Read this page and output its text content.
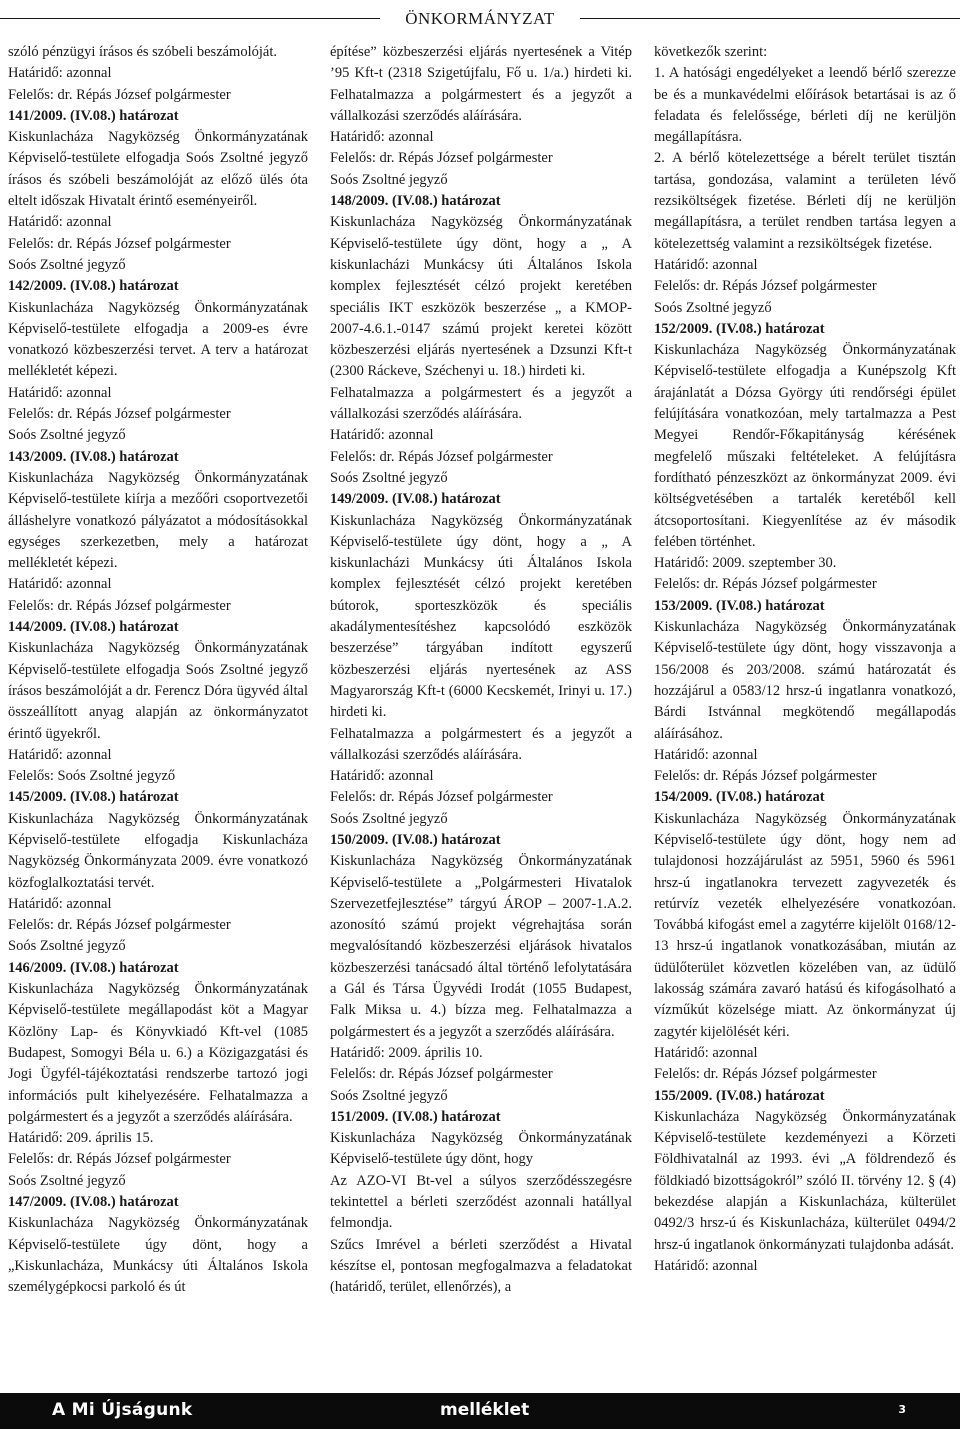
ÖNKORMÁNYZAT

szóló pénzügyi írásos és szóbeli beszámolóját.

Határidő: azonnal

Felelős: dr. Répás József polgármester

141/2009. (IV.08.) határozat

Kiskunlacháza Nagyközség Önkormányzatának Képviselő-testülete elfogadja Soós Zsoltné jegyző írásos és szóbeli beszámolóját az előző ülés óta eltelt időszak Hivatalt érintő eseményeiről.

Határidő: azonnal

Felelős: dr. Répás József polgármester

Soós Zsoltné jegyző

142/2009. (IV.08.) határozat

Kiskunlacháza Nagyközség Önkormányzatának Képviselő-testülete elfogadja a 2009-es évre vonatkozó közbeszerzési tervet. A terv a határozat mellékletét képezi.

Határidő: azonnal

Felelős: dr. Répás József polgármester

Soós Zsoltné jegyző

143/2009. (IV.08.) határozat

Kiskunlacháza Nagyközség Önkormányzatának Képviselő-testülete kiírja a mezőőri csoportvezetői álláshelyre vonatkozó pályázatot a módosításokkal egységes szerkezetben, mely a határozat mellékletét képezi.

Határidő: azonnal

Felelős: dr. Répás József polgármester

144/2009. (IV.08.) határozat

Kiskunlacháza Nagyközség Önkormányzatának Képviselő-testülete elfogadja Soós Zsoltné jegyző írásos beszámolóját a dr. Ferencz Dóra ügyvéd által összeállított anyag alapján az önkormányzatot érintő ügyekről.

Határidő: azonnal

Felelős: Soós Zsoltné jegyző

145/2009. (IV.08.) határozat

Kiskunlacháza Nagyközség Önkormányzatának Képviselő-testülete elfogadja Kiskunlacháza Nagyközség Önkormányzata 2009. évre vonatkozó közfoglalkoztatási tervét.

Határidő: azonnal

Felelős: dr. Répás József polgármester

Soós Zsoltné jegyző

146/2009. (IV.08.) határozat

Kiskunlacháza Nagyközség Önkormányzatának Képviselő-testülete megállapodást köt a Magyar Közlöny Lap- és Könyvkiadó Kft-vel (1085 Budapest, Somogyi Béla u. 6.) a Közigazgatási és Jogi Ügyfél-tájékoztatási rendszerbe tartozó jogi információs pult kihelyezésére. Felhatalmazza a polgármestert és a jegyzőt a szerződés aláírására.

Határidő: 209. április 15.

Felelős: dr. Répás József polgármester

Soós Zsoltné jegyző

147/2009. (IV.08.) határozat

Kiskunlacháza Nagyközség Önkormányzatának Képviselő-testülete úgy dönt, hogy a „Kiskunlacháza, Munkácsy úti Általános Iskola személygépkocsi parkoló és út

építése” közbeszerzési eljárás nyertesének a Vitép ’95 Kft-t (2318 Szigetújfalu, Fő u. 1/a.) hirdeti ki. Felhatalmazza a polgármestert és a jegyzőt a vállalkozási szerződés aláírására.

Határidő: azonnal

Felelős: dr. Répás József polgármester

Soós Zsoltné jegyző

148/2009. (IV.08.) határozat

Kiskunlacháza Nagyközség Önkormányzatának Képviselő-testülete úgy dönt, hogy a „ A kiskunlacházi Munkácsy úti Általános Iskola komplex fejlesztését célzó projekt keretében speciális IKT eszközök beszerzése „ a KMOP-2007-4.6.1.-0147 számú projekt keretei között közbeszerzési eljárás nyertesének a Dzsunzi Kft-t (2300 Ráckeve, Széchenyi u. 18.) hirdeti ki.

Felhatalmazza a polgármestert és a jegyzőt a vállalkozási szerződés aláírására.

Határidő: azonnal

Felelős: dr. Répás József polgármester

Soós Zsoltné jegyző

149/2009. (IV.08.) határozat

Kiskunlacháza Nagyközség Önkormányzatának Képviselő-testülete úgy dönt, hogy a „ A kiskunlacházi Munkácsy úti Általános Iskola komplex fejlesztését célzó projekt keretében bútorok, sporteszközök és speciális akadálymentesítéshez kapcsolódó eszközök beszerzése” tárgyában indított egyszerű közbeszerzési eljárás nyertesének az ASS Magyarország Kft-t (6000 Kecskemét, Irinyi u. 17.) hirdeti ki.

Felhatalmazza a polgármestert és a jegyzőt a vállalkozási szerződés aláírására.

Határidő: azonnal

Felelős: dr. Répás József polgármester

Soós Zsoltné jegyző

150/2009. (IV.08.) határozat

Kiskunlacháza Nagyközség Önkormányzatának Képviselő-testülete a „Polgármesteri Hivatalok Szervezetfejlesztése” tárgyú ÁROP – 2007-1.A.2. azonosító számú projekt végrehajtása során megvalósítandó közbeszerzési eljárások hivatalos közbeszerzési tanácsadó által történő lefolytatására a Gál és Társa Ügyvédi Irodát (1055 Budapest, Falk Miksa u. 4.) bízza meg. Felhatalmazza a polgármestert és a jegyzőt a szerződés aláírására.

Határidő: 2009. április 10.

Felelős: dr. Répás József polgármester

Soós Zsoltné jegyző

151/2009. (IV.08.) határozat

Kiskunlacháza Nagyközség Önkormányzatának Képviselő-testülete úgy dönt, hogy

Az AZO-VI Bt-vel a súlyos szerződésszegésre tekintettel a bérleti szerződést azonnali hatállyal felmondja.

Szűcs Imrével a bérleti szerződést a Hivatal készítse el, pontosan megfogalmazva a feladatokat (határidő, terület, ellenőrzés), a

következők szerint:

1. A hatósági engedélyeket a leendő bérlő szerezze be és a munkavédelmi előírások betartásai is az ő feladata és felelőssége, bérleti díj ne kerüljön megállapításra.

2. A bérlő kötelezettsége a bérelt terület tisztán tartása, gondozása, valamint a területen lévő rezsiköltségek fizetése. Bérleti díj ne kerüljön megállapításra, a terület rendben tartása legyen a kötelezettség valamint a rezsiköltségek fizetése.

Határidő: azonnal

Felelős: dr. Répás József polgármester

Soós Zsoltné jegyző

152/2009. (IV.08.) határozat

Kiskunlacháza Nagyközség Önkormányzatának Képviselő-testülete elfogadja a Kunépszolg Kft árajánlatát a Dózsa György úti rendőrségi épület felújítására vonatkozóan, mely tartalmazza a Pest Megyei Rendőr-Főkapitányság kérésének megfelelő műszaki feltételeket. A felújításra fordítható pénzeszközt az önkormányzat 2009. évi költségvetésében a tartalék keretéből kell átcsoportosítani. Kiegyenlítése az év második felében történhet.

Határidő: 2009. szeptember 30.

Felelős: dr. Répás József polgármester

153/2009. (IV.08.) határozat

Kiskunlacháza Nagyközség Önkormányzatának Képviselő-testülete úgy dönt, hogy visszavonja a 156/2008 és 203/2008. számú határozatát és hozzájárul a 0583/12 hrsz-ú ingatlanra vonatkozó, Bárdi Istvánnal megkötendő megállapodás aláírásához.

Határidő: azonnal

Felelős: dr. Répás József polgármester

154/2009. (IV.08.) határozat

Kiskunlacháza Nagyközség Önkormányzatának Képviselő-testülete úgy dönt, hogy nem ad tulajdonosi hozzájárulást az 5951, 5960 és 5961 hrsz-ú ingatlanokra tervezett zagyvezeték és retúrvíz vezeték elhelyezésére vonatkozóan. Továbbá kifogást emel a zagytérre kijelölt 0168/12-13 hrsz-ú ingatlanok vonatkozásában, miután az üdülőterület közvetlen közelében van, az üdülő lakosság számára zavaró hatású és kifogásolható a vízműkút közelsége miatt. Az önkormányzat új zagytér kijelölését kéri.

Határidő: azonnal

Felelős: dr. Répás József polgármester

155/2009. (IV.08.) határozat

Kiskunlacháza Nagyközség Önkormányzatának Képviselő-testülete kezdeményezi a Körzeti Földhivatalnál az 1993. évi „A földrendező és földkiadó bizottságokról” szóló II. törvény 12. § (4) bekezdése alapján a Kiskunlacháza, külterület 0492/3 hrsz-ú és Kiskunlacháza, külterület 0494/2 hrsz-ú ingatlanok önkormányzati tulajdonba adását.

Határidő: azonnal

A Mi Újságunk	melléklet	3
